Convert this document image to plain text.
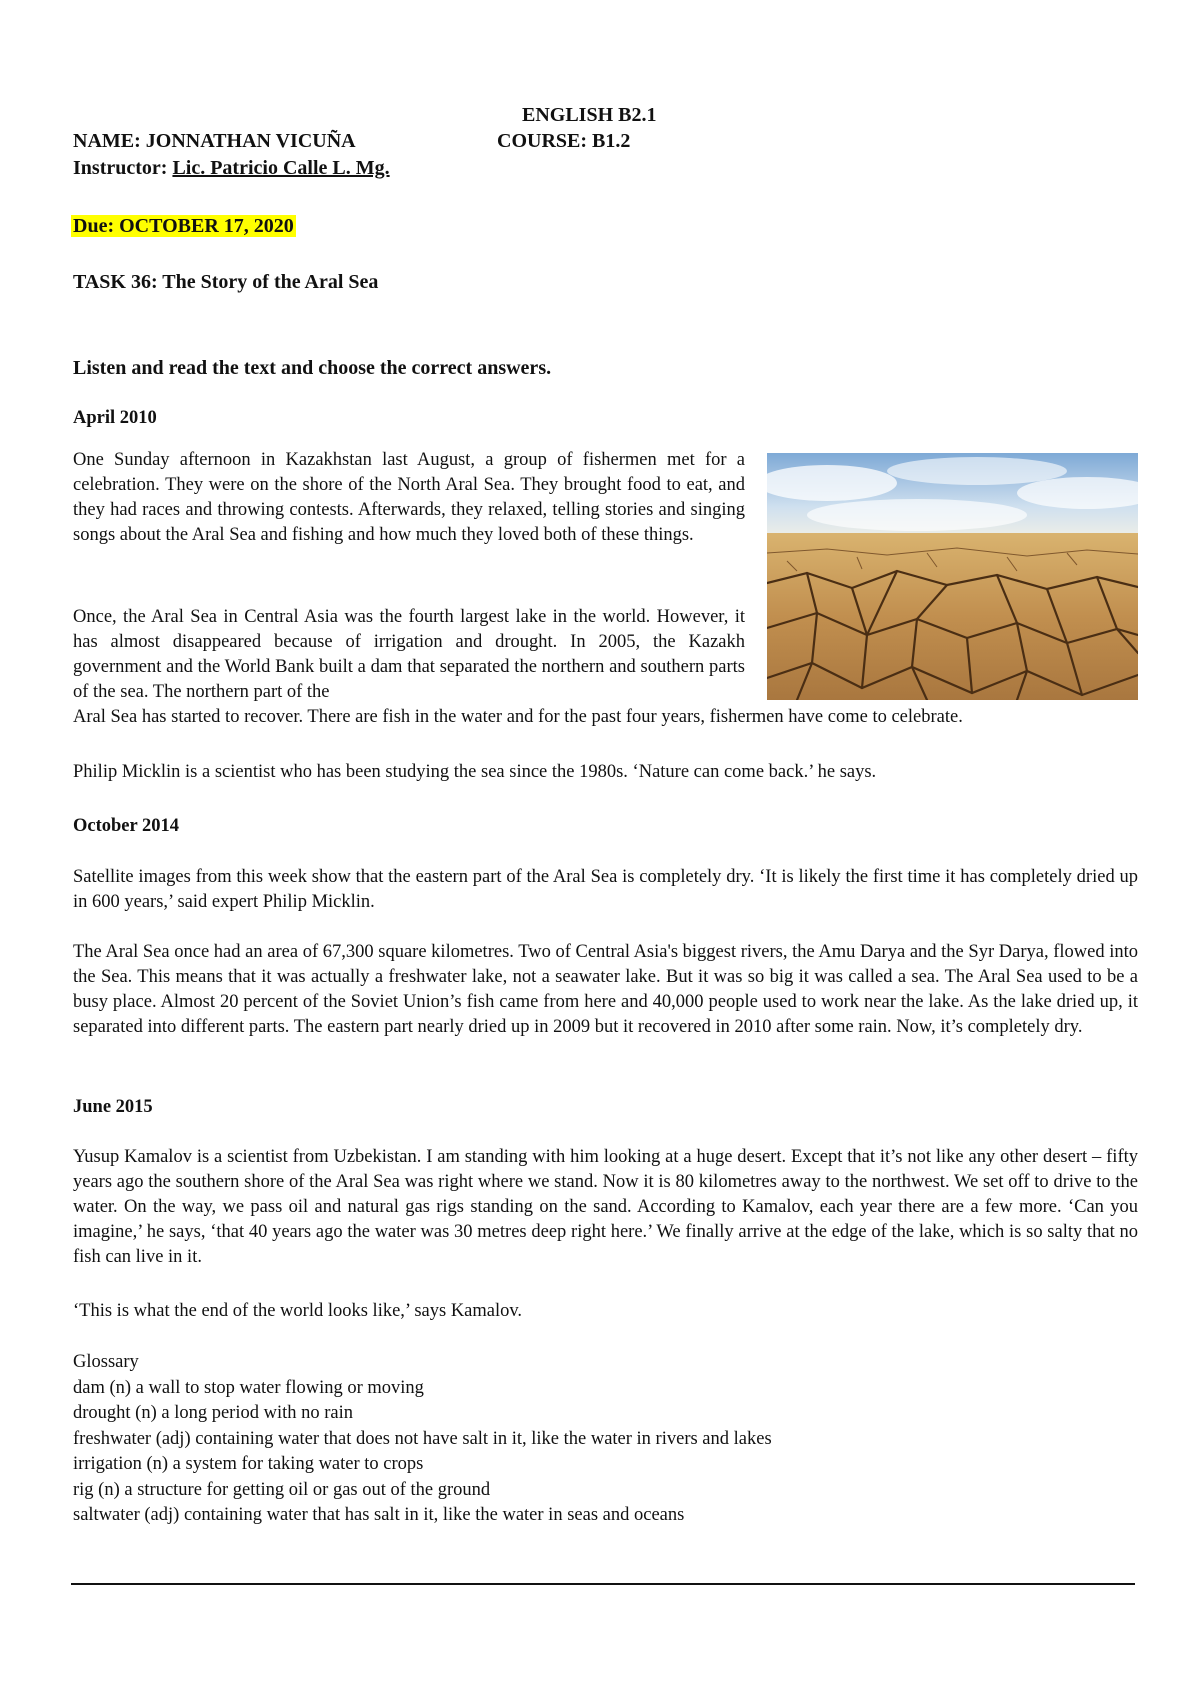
ENGLISH B2.1
NAME: JONNATHAN VICUÑA	COURSE: B1.2
Instructor: Lic. Patricio Calle L. Mg.
Due: OCTOBER 17, 2020
TASK 36: The Story of the Aral Sea
Listen and read the text and choose the correct answers.
April 2010

One Sunday afternoon in Kazakhstan last August, a group of fishermen met for a celebration. They were on the shore of the North Aral Sea. They brought food to eat, and they had races and throwing contests. Afterwards, they relaxed, telling stories and singing songs about the Aral Sea and fishing and how much they loved both of these things.

Once, the Aral Sea in Central Asia was the fourth largest lake in the world. However, it has almost disappeared because of irrigation and drought. In 2005, the Kazakh government and the World Bank built a dam that separated the northern and southern parts of the sea. The northern part of the

Aral Sea has started to recover. There are fish in the water and for the past four years, fishermen have come to celebrate.

Philip Micklin is a scientist who has been studying the sea since the 1980s. ‘Nature can come back.’ he says.

October 2014

Satellite images from this week show that the eastern part of the Aral Sea is completely dry. ‘It is likely the first time it has completely dried up in 600 years,’ said expert Philip Micklin.

The Aral Sea once had an area of 67,300 square kilometres. Two of Central Asia's biggest rivers, the Amu Darya and the Syr Darya, flowed into the Sea. This means that it was actually a freshwater lake, not a seawater lake. But it was so big it was called a sea. The Aral Sea used to be a busy place. Almost 20 percent of the Soviet Union’s fish came from here and 40,000 people used to work near the lake. As the lake dried up, it separated into different parts. The eastern part nearly dried up in 2009 but it recovered in 2010 after some rain. Now, it’s completely dry.

June 2015

Yusup Kamalov is a scientist from Uzbekistan. I am standing with him looking at a huge desert. Except that it’s not like any other desert – fifty years ago the southern shore of the Aral Sea was right where we stand. Now it is 80 kilometres away to the northwest. We set off to drive to the water. On the way, we pass oil and natural gas rigs standing on the sand. According to Kamalov, each year there are a few more. ‘Can you imagine,’ he says, ‘that 40 years ago the water was 30 metres deep right here.’ We finally arrive at the edge of the lake, which is so salty that no fish can live in it.

‘This is what the end of the world looks like,’ says Kamalov.

Glossary

dam (n) a wall to stop water flowing or moving

drought (n) a long period with no rain

freshwater (adj) containing water that does not have salt in it, like the water in rivers and lakes

irrigation (n) a system for taking water to crops

rig (n) a structure for getting oil or gas out of the ground

saltwater (adj) containing water that has salt in it, like the water in seas and oceans
